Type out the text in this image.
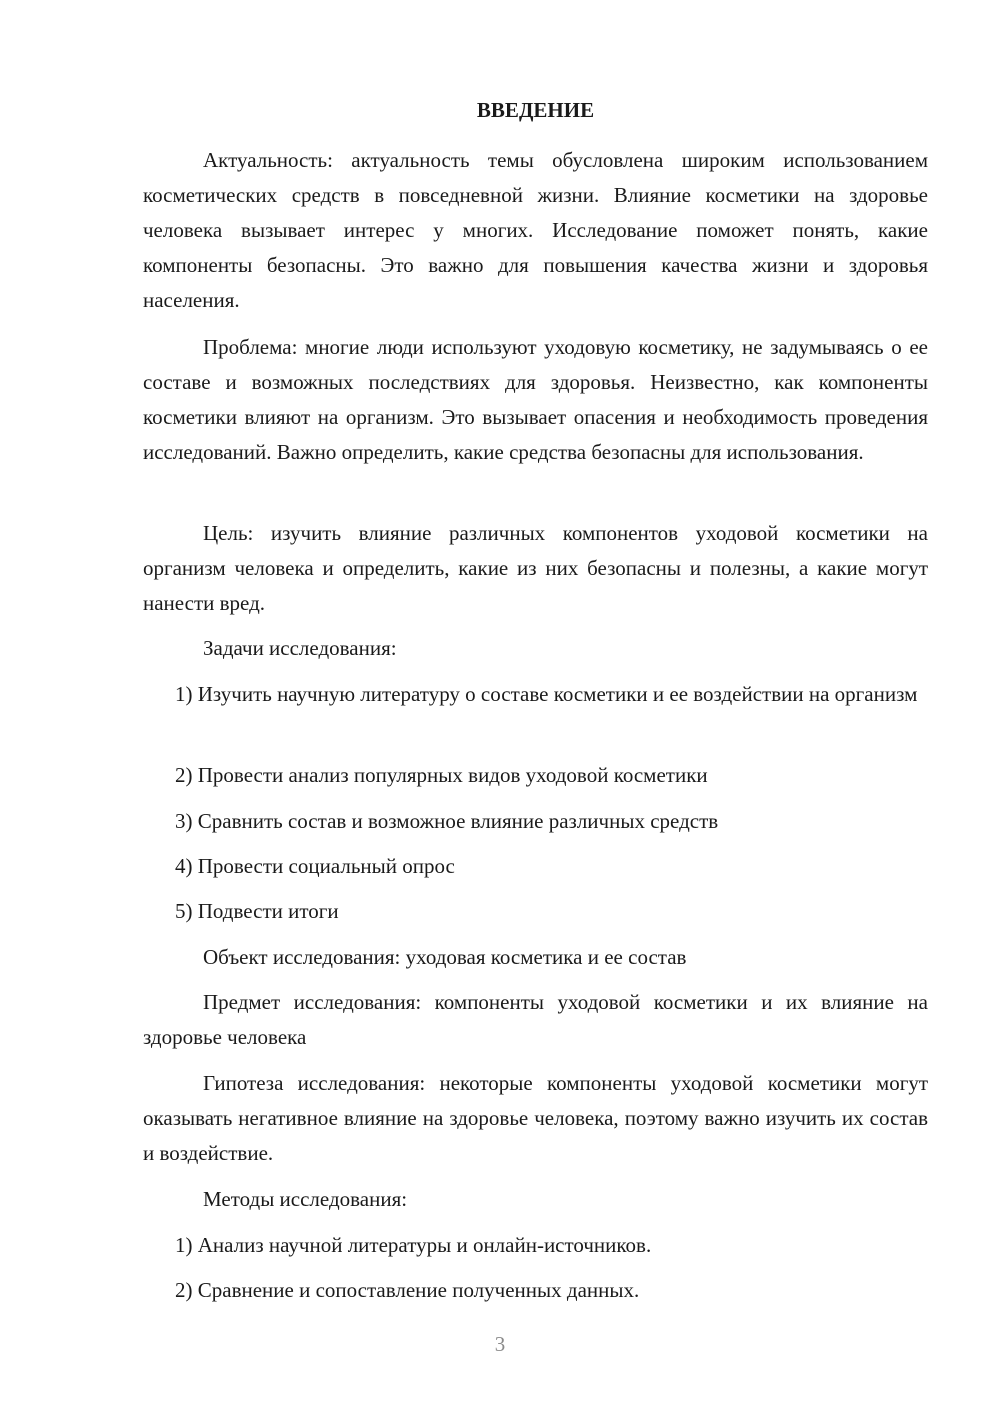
ВВЕДЕНИЕ

Актуальность: актуальность темы обусловлена широким использованием косметических средств в повседневной жизни. Влияние косметики на здоровье человека вызывает интерес у многих. Исследование поможет понять, какие компоненты безопасны. Это важно для повышения качества жизни и здоровья населения.

Проблема: многие люди используют уходовую косметику, не задумываясь о ее составе и возможных последствиях для здоровья. Неизвестно, как компоненты косметики влияют на организм. Это вызывает опасения и необходимость проведения исследований. Важно определить, какие средства безопасны для использования.

Цель: изучить влияние различных компонентов уходовой косметики на организм человека и определить, какие из них безопасны и полезны, а какие могут нанести вред.

Задачи исследования:

1) Изучить научную литературу о составе косметики и ее воздействии на организм

2) Провести анализ популярных видов уходовой косметики

3) Сравнить состав и возможное влияние различных средств

4) Провести социальный опрос

5) Подвести итоги

Объект исследования: уходовая косметика и ее состав

Предмет исследования: компоненты уходовой косметики и их влияние на здоровье человека

Гипотеза исследования: некоторые компоненты уходовой косметики могут оказывать негативное влияние на здоровье человека, поэтому важно изучить их состав и воздействие.

Методы исследования:

1) Анализ научной литературы и онлайн-источников.

2) Сравнение и сопоставление полученных данных.

3
